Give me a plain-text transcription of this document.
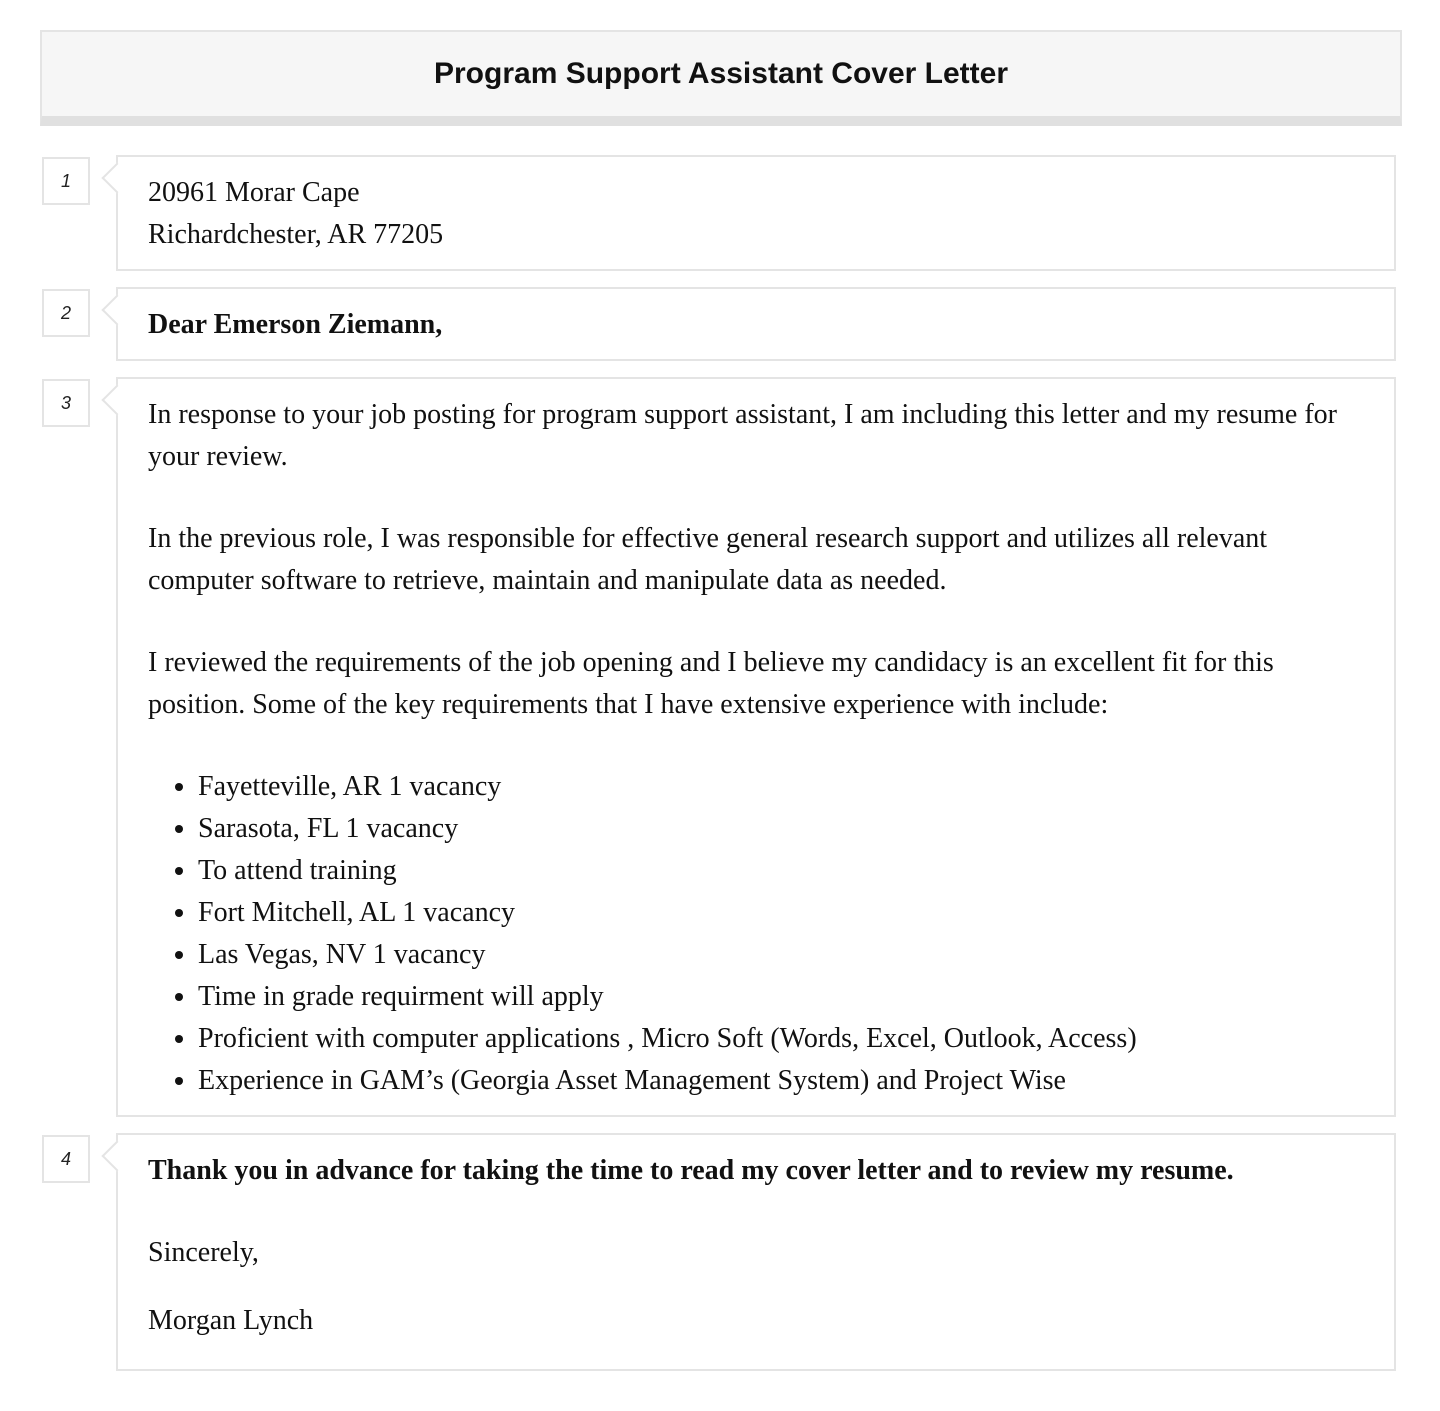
Program Support Assistant Cover Letter
1	20961 Morar Cape

Richardchester, AR 77205

2	Dear Emerson Ziemann,

3	In response to your job posting for program support assistant, I am including this letter and my resume for your review.

In the previous role, I was responsible for effective general research support and utilizes all relevant computer software to retrieve, maintain and manipulate data as needed.

I reviewed the requirements of the job opening and I believe my candidacy is an excellent fit for this position. Some of the key requirements that I have extensive experience with include:

• Fayetteville, AR 1 vacancy
• Sarasota, FL 1 vacancy
• To attend training
• Fort Mitchell, AL 1 vacancy
• Las Vegas, NV 1 vacancy
• Time in grade requirment will apply
• Proficient with computer applications , Micro Soft (Words, Excel, Outlook, Access)
• Experience in GAM’s (Georgia Asset Management System) and Project Wise
4	Thank you in advance for taking the time to read my cover letter and to review my resume.

Sincerely,

Morgan Lynch
